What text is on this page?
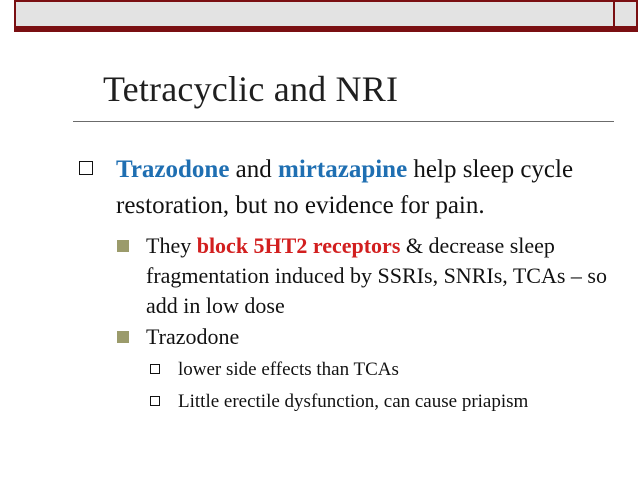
Tetracyclic and NRI
Trazodone and mirtazapine help sleep cycle restoration, but no evidence for pain.
They block 5HT2 receptors & decrease sleep fragmentation induced by SSRIs, SNRIs, TCAs – so add in low dose
Trazodone
lower side effects than TCAs
Little erectile dysfunction, can cause priapism
